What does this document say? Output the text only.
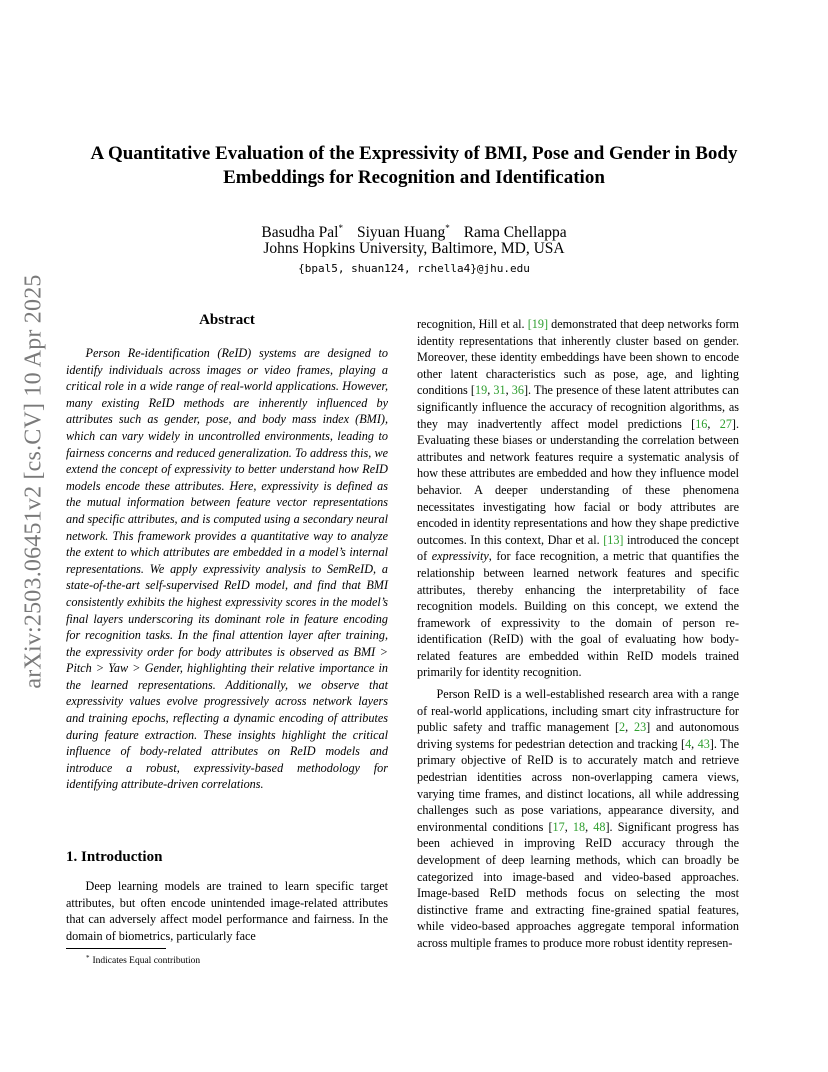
arXiv:2503.06451v2 [cs.CV] 10 Apr 2025
A Quantitative Evaluation of the Expressivity of BMI, Pose and Gender in Body Embeddings for Recognition and Identification
Basudha Pal* Siyuan Huang* Rama Chellappa
Johns Hopkins University, Baltimore, MD, USA
{bpal5, shuan124, rchella4}@jhu.edu
Abstract

Person Re-identification (ReID) systems are designed to identify individuals across images or video frames, playing a critical role in a wide range of real-world applications. However, many existing ReID methods are inherently influenced by attributes such as gender, pose, and body mass index (BMI), which can vary widely in uncontrolled environments, leading to fairness concerns and reduced generalization. To address this, we extend the concept of expressivity to better understand how ReID models encode these attributes. Here, expressivity is defined as the mutual information between feature vector representations and specific attributes, and is computed using a secondary neural network. This framework provides a quantitative way to analyze the extent to which attributes are embedded in a model’s internal representations. We apply expressivity analysis to SemReID, a state-of-the-art self-supervised ReID model, and find that BMI consistently exhibits the highest expressivity scores in the model’s final layers underscoring its dominant role in feature encoding for recognition tasks. In the final attention layer after training, the expressivity order for body attributes is observed as BMI > Pitch > Yaw > Gender, highlighting their relative importance in the learned representations. Additionally, we observe that expressivity values evolve progressively across network layers and training epochs, reflecting a dynamic encoding of attributes during feature extraction. These insights highlight the critical influence of body-related attributes on ReID models and introduce a robust, expressivity-based methodology for identifying attribute-driven correlations.

1. Introduction

Deep learning models are trained to learn specific target attributes, but often encode unintended image-related attributes that can adversely affect model performance and fairness. In the domain of biometrics, particularly face

* Indicates Equal contribution

recognition, Hill et al. [19] demonstrated that deep networks form identity representations that inherently cluster based on gender. Moreover, these identity embeddings have been shown to encode other latent characteristics such as pose, age, and lighting conditions [19, 31, 36]. The presence of these latent attributes can significantly influence the accuracy of recognition algorithms, as they may inadvertently affect model predictions [16, 27]. Evaluating these biases or understanding the correlation between attributes and network features require a systematic analysis of how these attributes are embedded and how they influence model behavior. A deeper understanding of these phenomena necessitates investigating how facial or body attributes are encoded in identity representations and how they shape predictive outcomes. In this context, Dhar et al. [13] introduced the concept of expressivity, for face recognition, a metric that quantifies the relationship between learned network features and specific attributes, thereby enhancing the interpretability of face recognition models. Building on this concept, we extend the framework of expressivity to the domain of person re-identification (ReID) with the goal of evaluating how body-related features are embedded within ReID models trained primarily for identity recognition.

Person ReID is a well-established research area with a range of real-world applications, including smart city infrastructure for public safety and traffic management [2, 23] and autonomous driving systems for pedestrian detection and tracking [4, 43]. The primary objective of ReID is to accurately match and retrieve pedestrian identities across non-overlapping camera views, varying time frames, and distinct locations, all while addressing challenges such as pose variations, appearance diversity, and environmental conditions [17, 18, 48]. Significant progress has been achieved in improving ReID accuracy through the development of deep learning methods, which can broadly be categorized into image-based and video-based approaches. Image-based ReID methods focus on selecting the most distinctive frame and extracting fine-grained spatial features, while video-based approaches aggregate temporal information across multiple frames to produce more robust identity represen-
